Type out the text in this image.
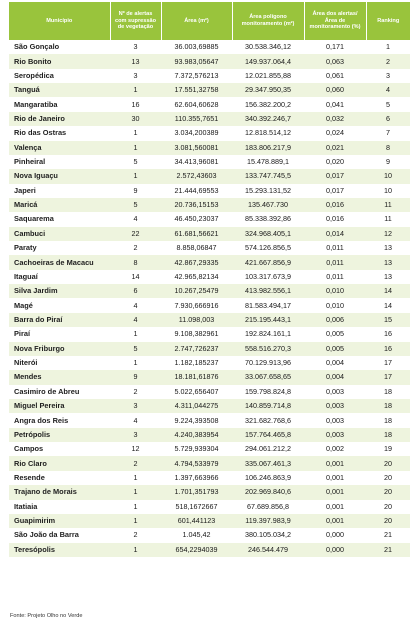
Município	Nº de alertas com supressão de vegetação	Área (m²)	Área polígono monitoramento (m²)	Área dos alertas/Área de monitoramento (%)	Ranking
São Gonçalo	3	36.003,69885	30.538.346,12	0,171	1
Rio Bonito	13	93.983,05647	149.937.064,4	0,063	2
Seropédica	3	7.372,576213	12.021.855,88	0,061	3
Tanguá	1	17.551,32758	29.347.950,35	0,060	4
Mangaratiba	16	62.604,60628	156.382.200,2	0,041	5
Rio de Janeiro	30	110.355,7651	340.392.246,7	0,032	6
Rio das Ostras	1	3.034,200389	12.818.514,12	0,024	7
Valença	1	3.081,560081	183.806.217,9	0,021	8
Pinheiral	5	34.413,96081	15.478.889,1	0,020	9
Nova Iguaçu	1	2.572,43603	133.747.745,5	0,017	10
Japeri	9	21.444,69553	15.293.131,52	0,017	10
Maricá	5	20.736,15153	135.467.730	0,016	11
Saquarema	4	46.450,23037	85.338.392,86	0,016	11
Cambuci	22	61.681,56621	324.968.405,1	0,014	12
Paraty	2	8.858,06847	574.126.856,5	0,011	13
Cachoeiras de Macacu	8	42.867,29335	421.667.856,9	0,011	13
Itaguaí	14	42.965,82134	103.317.673,9	0,011	13
Silva Jardim	6	10.267,25479	413.982.556,1	0,010	14
Magé	4	7.930,666916	81.583.494,17	0,010	14
Barra do Piraí	4	11.098,003	215.195.443,1	0,006	15
Piraí	1	9.108,382961	192.824.161,1	0,005	16
Nova Friburgo	5	2.747,726237	558.516.270,3	0,005	16
Niterói	1	1.182,185237	70.129.913,96	0,004	17
Mendes	9	18.181,61876	33.067.658,65	0,004	17
Casimiro de Abreu	2	5.022,656407	159.798.824,8	0,003	18
Miguel Pereira	3	4.311,044275	140.859.714,8	0,003	18
Angra dos Reis	4	9.224,393508	321.682.768,6	0,003	18
Petrópolis	3	4.240,383954	157.764.465,8	0,003	18
Campos	12	5.729,939304	294.061.212,2	0,002	19
Rio Claro	2	4.794,533979	335.067.461,3	0,001	20
Resende	1	1.397,663966	106.246.863,9	0,001	20
Trajano de Morais	1	1.701,351793	202.969.840,6	0,001	20
Itatiaia	1	518,1672667	67.689.856,8	0,001	20
Guapimirim	1	601,441123	119.397.983,9	0,001	20
São João da Barra	2	1.045,42	380.105.034,2	0,000	21
Teresópolis	1	654,2294039	246.544.479	0,000	21
Fonte: Projeto Olho no Verde
